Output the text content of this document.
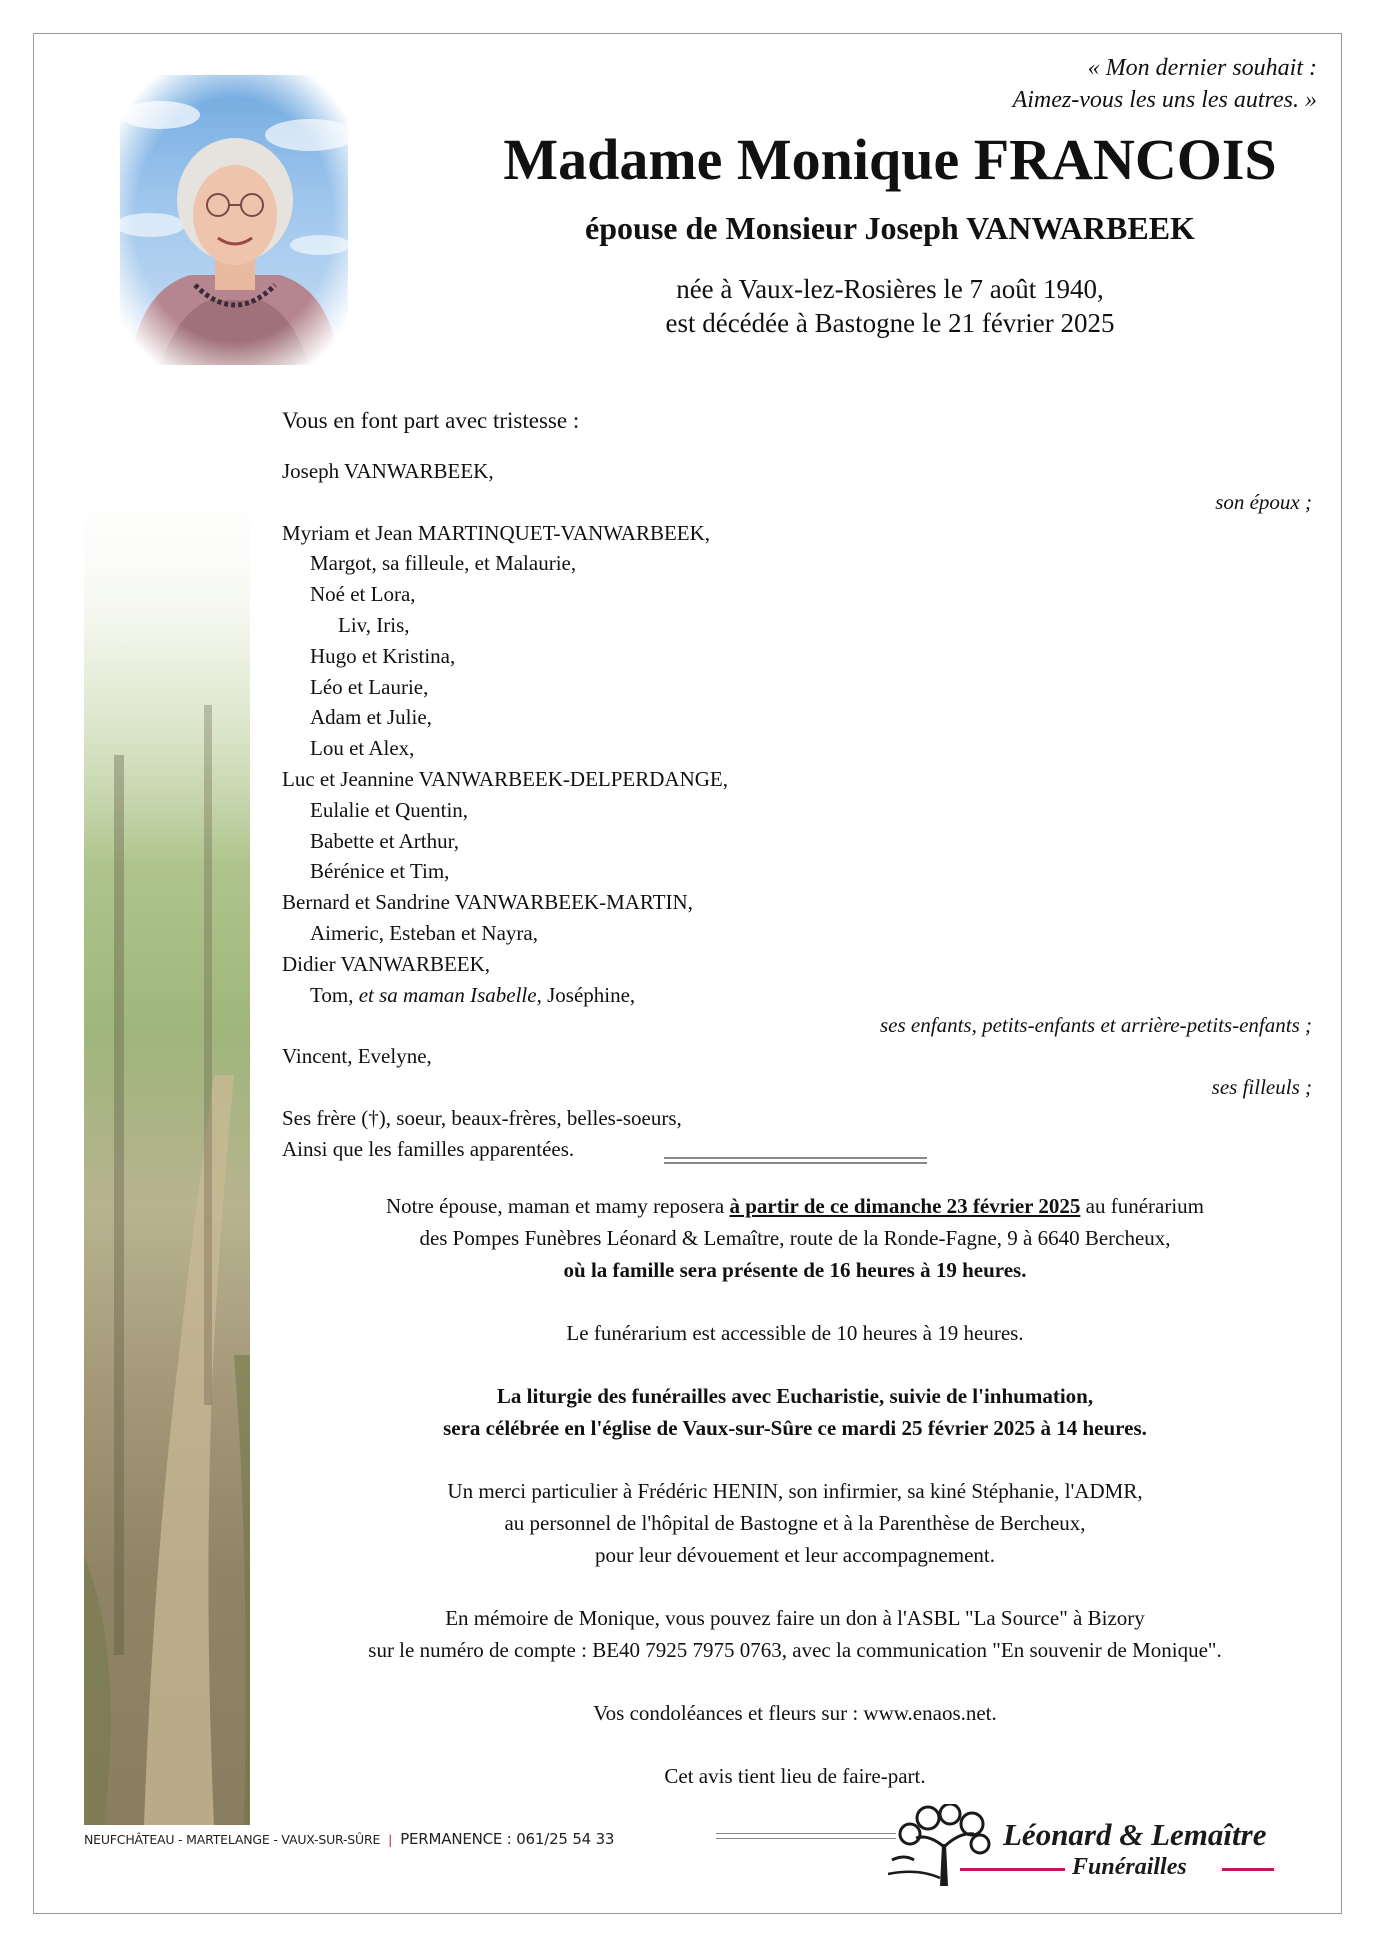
« Mon dernier souhait :
Aimez-vous les uns les autres. »
Madame Monique FRANCOIS
épouse de Monsieur Joseph VANWARBEEK
née à Vaux-lez-Rosières le 7 août 1940,
est décédée à Bastogne le 21 février 2025
Vous en font part avec tristesse :
Joseph VANWARBEEK,
son époux ;
Myriam et Jean MARTINQUET-VANWARBEEK,
Margot, sa filleule, et Malaurie,
Noé et Lora,
Liv, Iris,
Hugo et Kristina,
Léo et Laurie,
Adam et Julie,
Lou et Alex,
Luc et Jeannine VANWARBEEK-DELPERDANGE,
Eulalie et Quentin,
Babette et Arthur,
Bérénice et Tim,
Bernard et Sandrine VANWARBEEK-MARTIN,
Aimeric, Esteban et Nayra,
Didier VANWARBEEK,
Tom, et sa maman Isabelle, Joséphine,
ses enfants, petits-enfants et arrière-petits-enfants ;
Vincent, Evelyne,
ses filleuls ;
Ses frère (†), soeur, beaux-frères, belles-soeurs,
Ainsi que les familles apparentées.

Notre épouse, maman et mamy reposera à partir de ce dimanche 23 février 2025 au funérarium
des Pompes Funèbres Léonard & Lemaître, route de la Ronde-Fagne, 9 à 6640 Bercheux,
où la famille sera présente de 16 heures à 19 heures.

Le funérarium est accessible de 10 heures à 19 heures.

La liturgie des funérailles avec Eucharistie, suivie de l'inhumation,
sera célébrée en l'église de Vaux-sur-Sûre ce mardi 25 février 2025 à 14 heures.

Un merci particulier à Frédéric HENIN, son infirmier, sa kiné Stéphanie, l'ADMR,
au personnel de l'hôpital de Bastogne et à la Parenthèse de Bercheux,
pour leur dévouement et leur accompagnement.

En mémoire de Monique, vous pouvez faire un don à l'ASBL "La Source" à Bizory
sur le numéro de compte : BE40 7925 7975 0763, avec la communication "En souvenir de Monique".

Vos condoléances et fleurs sur : www.enaos.net.

Cet avis tient lieu de faire-part.

NEUFCHÂTEAU - MARTELANGE - VAUX-SUR-SÛRE | PERMANENCE : 061/25 54 33	Léonard & Lemaître
Funérailles
